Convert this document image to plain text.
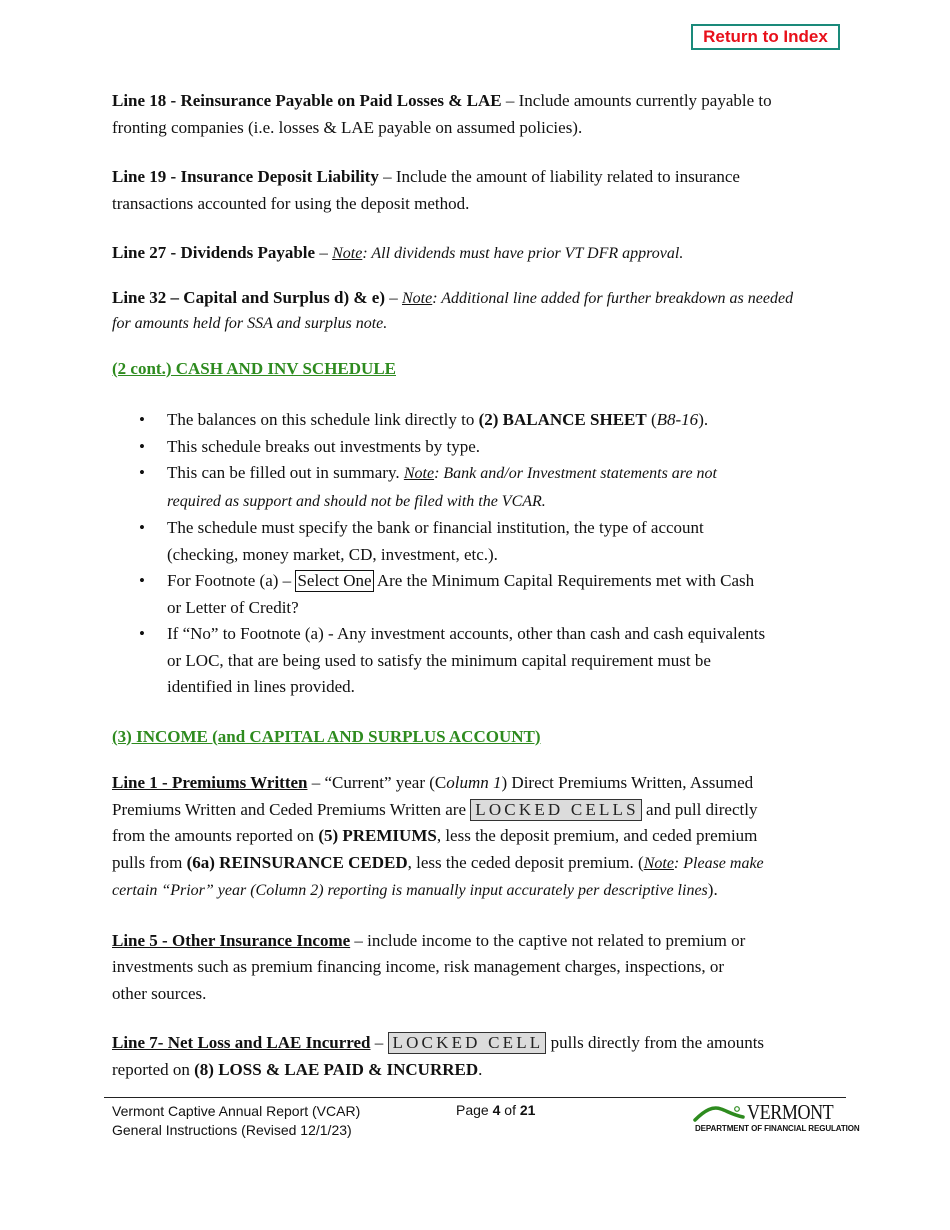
Return to Index

Line 18 - Reinsurance Payable on Paid Losses & LAE – Include amounts currently payable to
fronting companies (i.e. losses & LAE payable on assumed policies).

Line 19 - Insurance Deposit Liability – Include the amount of liability related to insurance
transactions accounted for using the deposit method.

Line 27 - Dividends Payable – Note: All dividends must have prior VT DFR approval.

Line 32 – Capital and Surplus d) & e) – Note: Additional line added for further breakdown as needed
for amounts held for SSA and surplus note.

(2 cont.) CASH AND INV SCHEDULE

• The balances on this schedule link directly to (2) BALANCE SHEET (B8-16).
• This schedule breaks out investments by type.
• This can be filled out in summary. Note: Bank and/or Investment statements are not
required as support and should not be filed with the VCAR.
• The schedule must specify the bank or financial institution, the type of account
(checking, money market, CD, investment, etc.).
• For Footnote (a) – Select One Are the Minimum Capital Requirements met with Cash
or Letter of Credit?
• If “No” to Footnote (a) - Any investment accounts, other than cash and cash equivalents
or LOC, that are being used to satisfy the minimum capital requirement must be
identified in lines provided.

(3) INCOME (and CAPITAL AND SURPLUS ACCOUNT)

Line 1 - Premiums Written – “Current” year (Column 1) Direct Premiums Written, Assumed
Premiums Written and Ceded Premiums Written are LOCKED CELLS and pull directly
from the amounts reported on (5) PREMIUMS, less the deposit premium, and ceded premium
pulls from (6a) REINSURANCE CEDED, less the ceded deposit premium. (Note: Please make
certain “Prior” year (Column 2) reporting is manually input accurately per descriptive lines).

Line 5 - Other Insurance Income – include income to the captive not related to premium or
investments such as premium financing income, risk management charges, inspections, or
other sources.

Line 7- Net Loss and LAE Incurred – LOCKED CELL pulls directly from the amounts
reported on (8) LOSS & LAE PAID & INCURRED.

Vermont Captive Annual Report (VCAR)
General Instructions (Revised 12/1/23)
Page 4 of 21	VERMONT
DEPARTMENT OF FINANCIAL REGULATION
